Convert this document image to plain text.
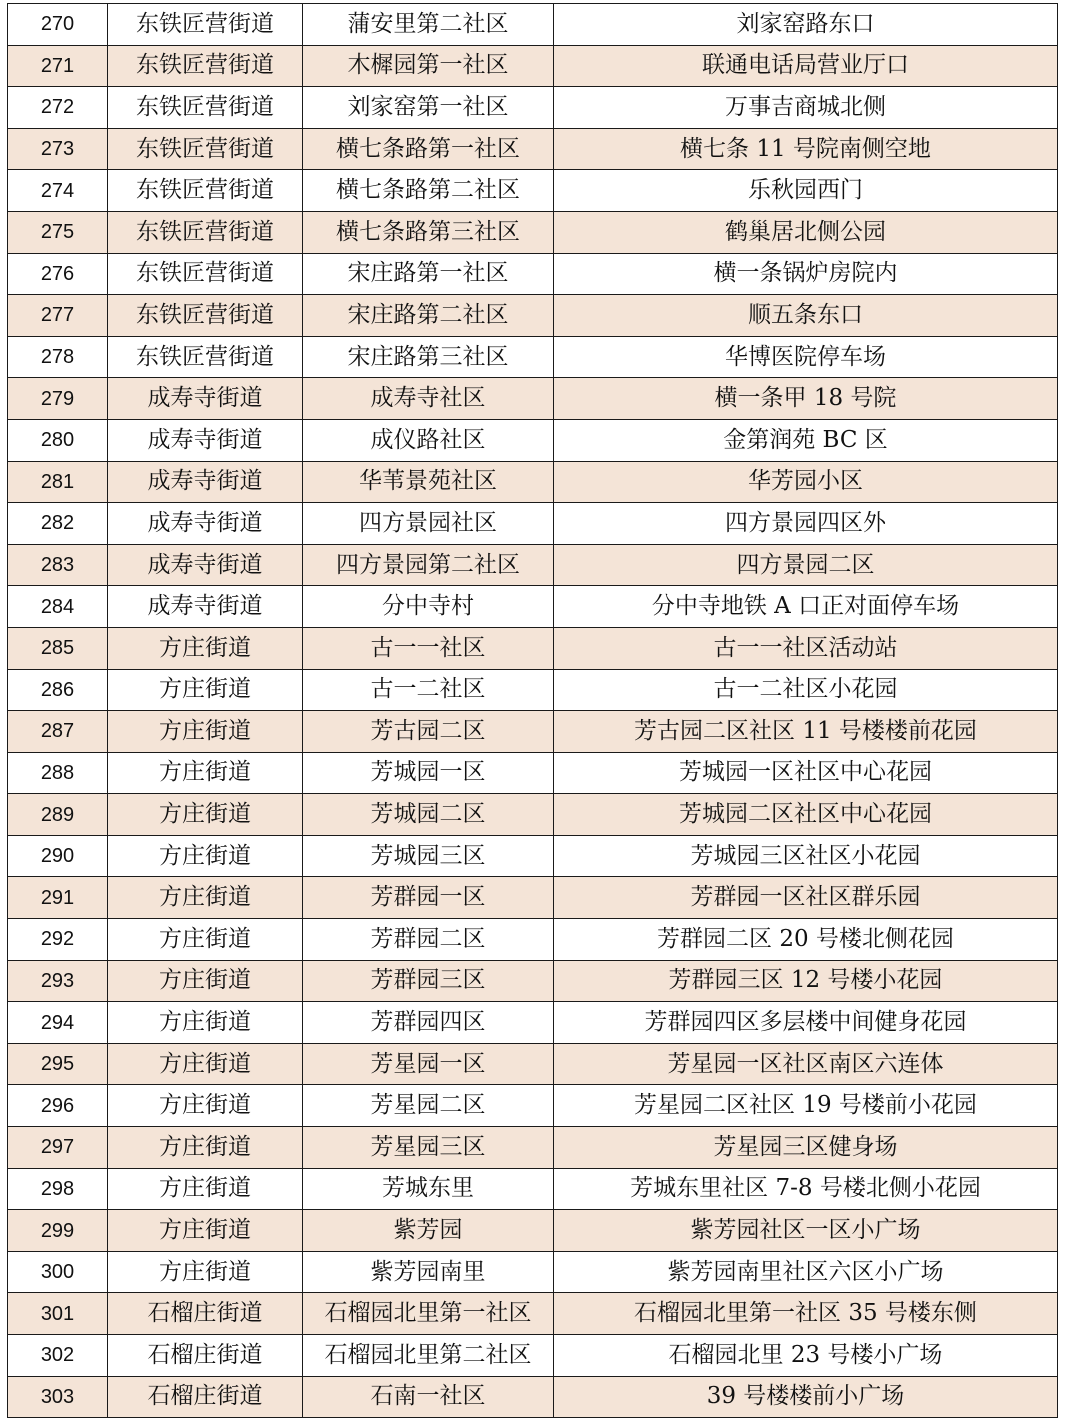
270	东铁匠营街道	蒲安里第二社区	刘家窑路东口
271	东铁匠营街道	木樨园第一社区	联通电话局营业厅口
272	东铁匠营街道	刘家窑第一社区	万事吉商城北侧
273	东铁匠营街道	横七条路第一社区	横七条 11 号院南侧空地
274	东铁匠营街道	横七条路第二社区	乐秋园西门
275	东铁匠营街道	横七条路第三社区	鹤巢居北侧公园
276	东铁匠营街道	宋庄路第一社区	横一条锅炉房院内
277	东铁匠营街道	宋庄路第二社区	顺五条东口
278	东铁匠营街道	宋庄路第三社区	华博医院停车场
279	成寿寺街道	成寿寺社区	横一条甲 18 号院
280	成寿寺街道	成仪路社区	金第润苑 BC 区
281	成寿寺街道	华苇景苑社区	华芳园小区
282	成寿寺街道	四方景园社区	四方景园四区外
283	成寿寺街道	四方景园第二社区	四方景园二区
284	成寿寺街道	分中寺村	分中寺地铁 A 口正对面停车场
285	方庄街道	古一一社区	古一一社区活动站
286	方庄街道	古一二社区	古一二社区小花园
287	方庄街道	芳古园二区	芳古园二区社区 11 号楼楼前花园
288	方庄街道	芳城园一区	芳城园一区社区中心花园
289	方庄街道	芳城园二区	芳城园二区社区中心花园
290	方庄街道	芳城园三区	芳城园三区社区小花园
291	方庄街道	芳群园一区	芳群园一区社区群乐园
292	方庄街道	芳群园二区	芳群园二区 20 号楼北侧花园
293	方庄街道	芳群园三区	芳群园三区 12 号楼小花园
294	方庄街道	芳群园四区	芳群园四区多层楼中间健身花园
295	方庄街道	芳星园一区	芳星园一区社区南区六连体
296	方庄街道	芳星园二区	芳星园二区社区 19 号楼前小花园
297	方庄街道	芳星园三区	芳星园三区健身场
298	方庄街道	芳城东里	芳城东里社区 7-8 号楼北侧小花园
299	方庄街道	紫芳园	紫芳园社区一区小广场
300	方庄街道	紫芳园南里	紫芳园南里社区六区小广场
301	石榴庄街道	石榴园北里第一社区	石榴园北里第一社区 35 号楼东侧
302	石榴庄街道	石榴园北里第二社区	石榴园北里 23 号楼小广场
303	石榴庄街道	石南一社区	39 号楼楼前小广场
